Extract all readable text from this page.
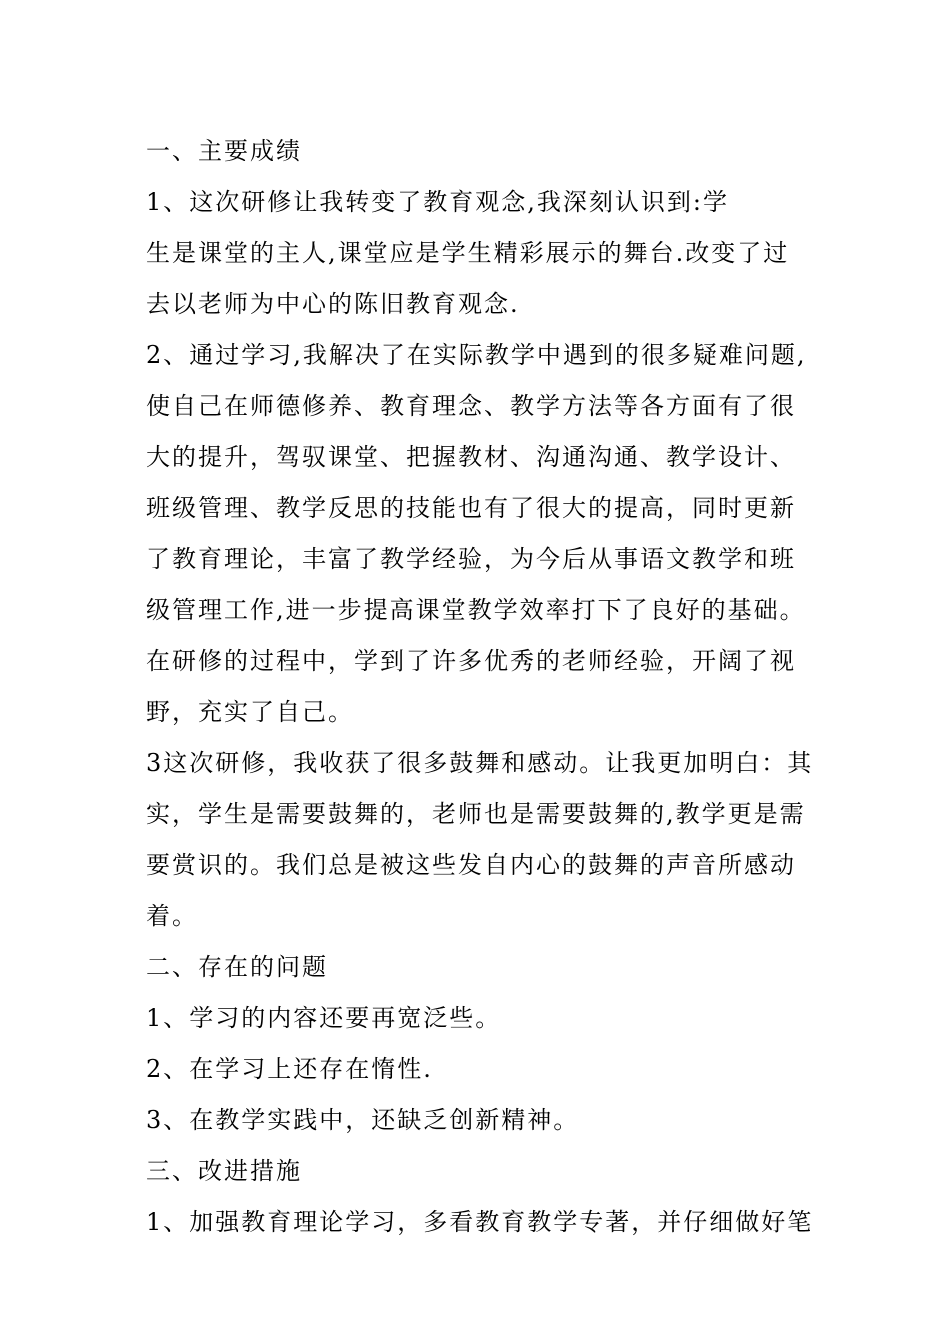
一、主要成绩
1、这次研修让我转变了教育观念,我深刻认识到:学
生是课堂的主人,课堂应是学生精彩展示的舞台.改变了过
去以老师为中心的陈旧教育观念.
2、通过学习,我解决了在实际教学中遇到的很多疑难问题,
使自己在师德修养、教育理念、教学方法等各方面有了很
大的提升，驾驭课堂、把握教材、沟通沟通、教学设计、
班级管理、教学反思的技能也有了很大的提高，同时更新
了教育理论，丰富了教学经验，为今后从事语文教学和班
级管理工作,进一步提高课堂教学效率打下了良好的基础。
在研修的过程中，学到了许多优秀的老师经验，开阔了视
野，充实了自己。
3这次研修，我收获了很多鼓舞和感动。让我更加明白：其
实，学生是需要鼓舞的，老师也是需要鼓舞的,教学更是需
要赏识的。我们总是被这些发自内心的鼓舞的声音所感动
着。
二、存在的问题
1、学习的内容还要再宽泛些。
2、在学习上还存在惰性.
3、在教学实践中，还缺乏创新精神。
三、改进措施
1、加强教育理论学习，多看教育教学专著，并仔细做好笔
